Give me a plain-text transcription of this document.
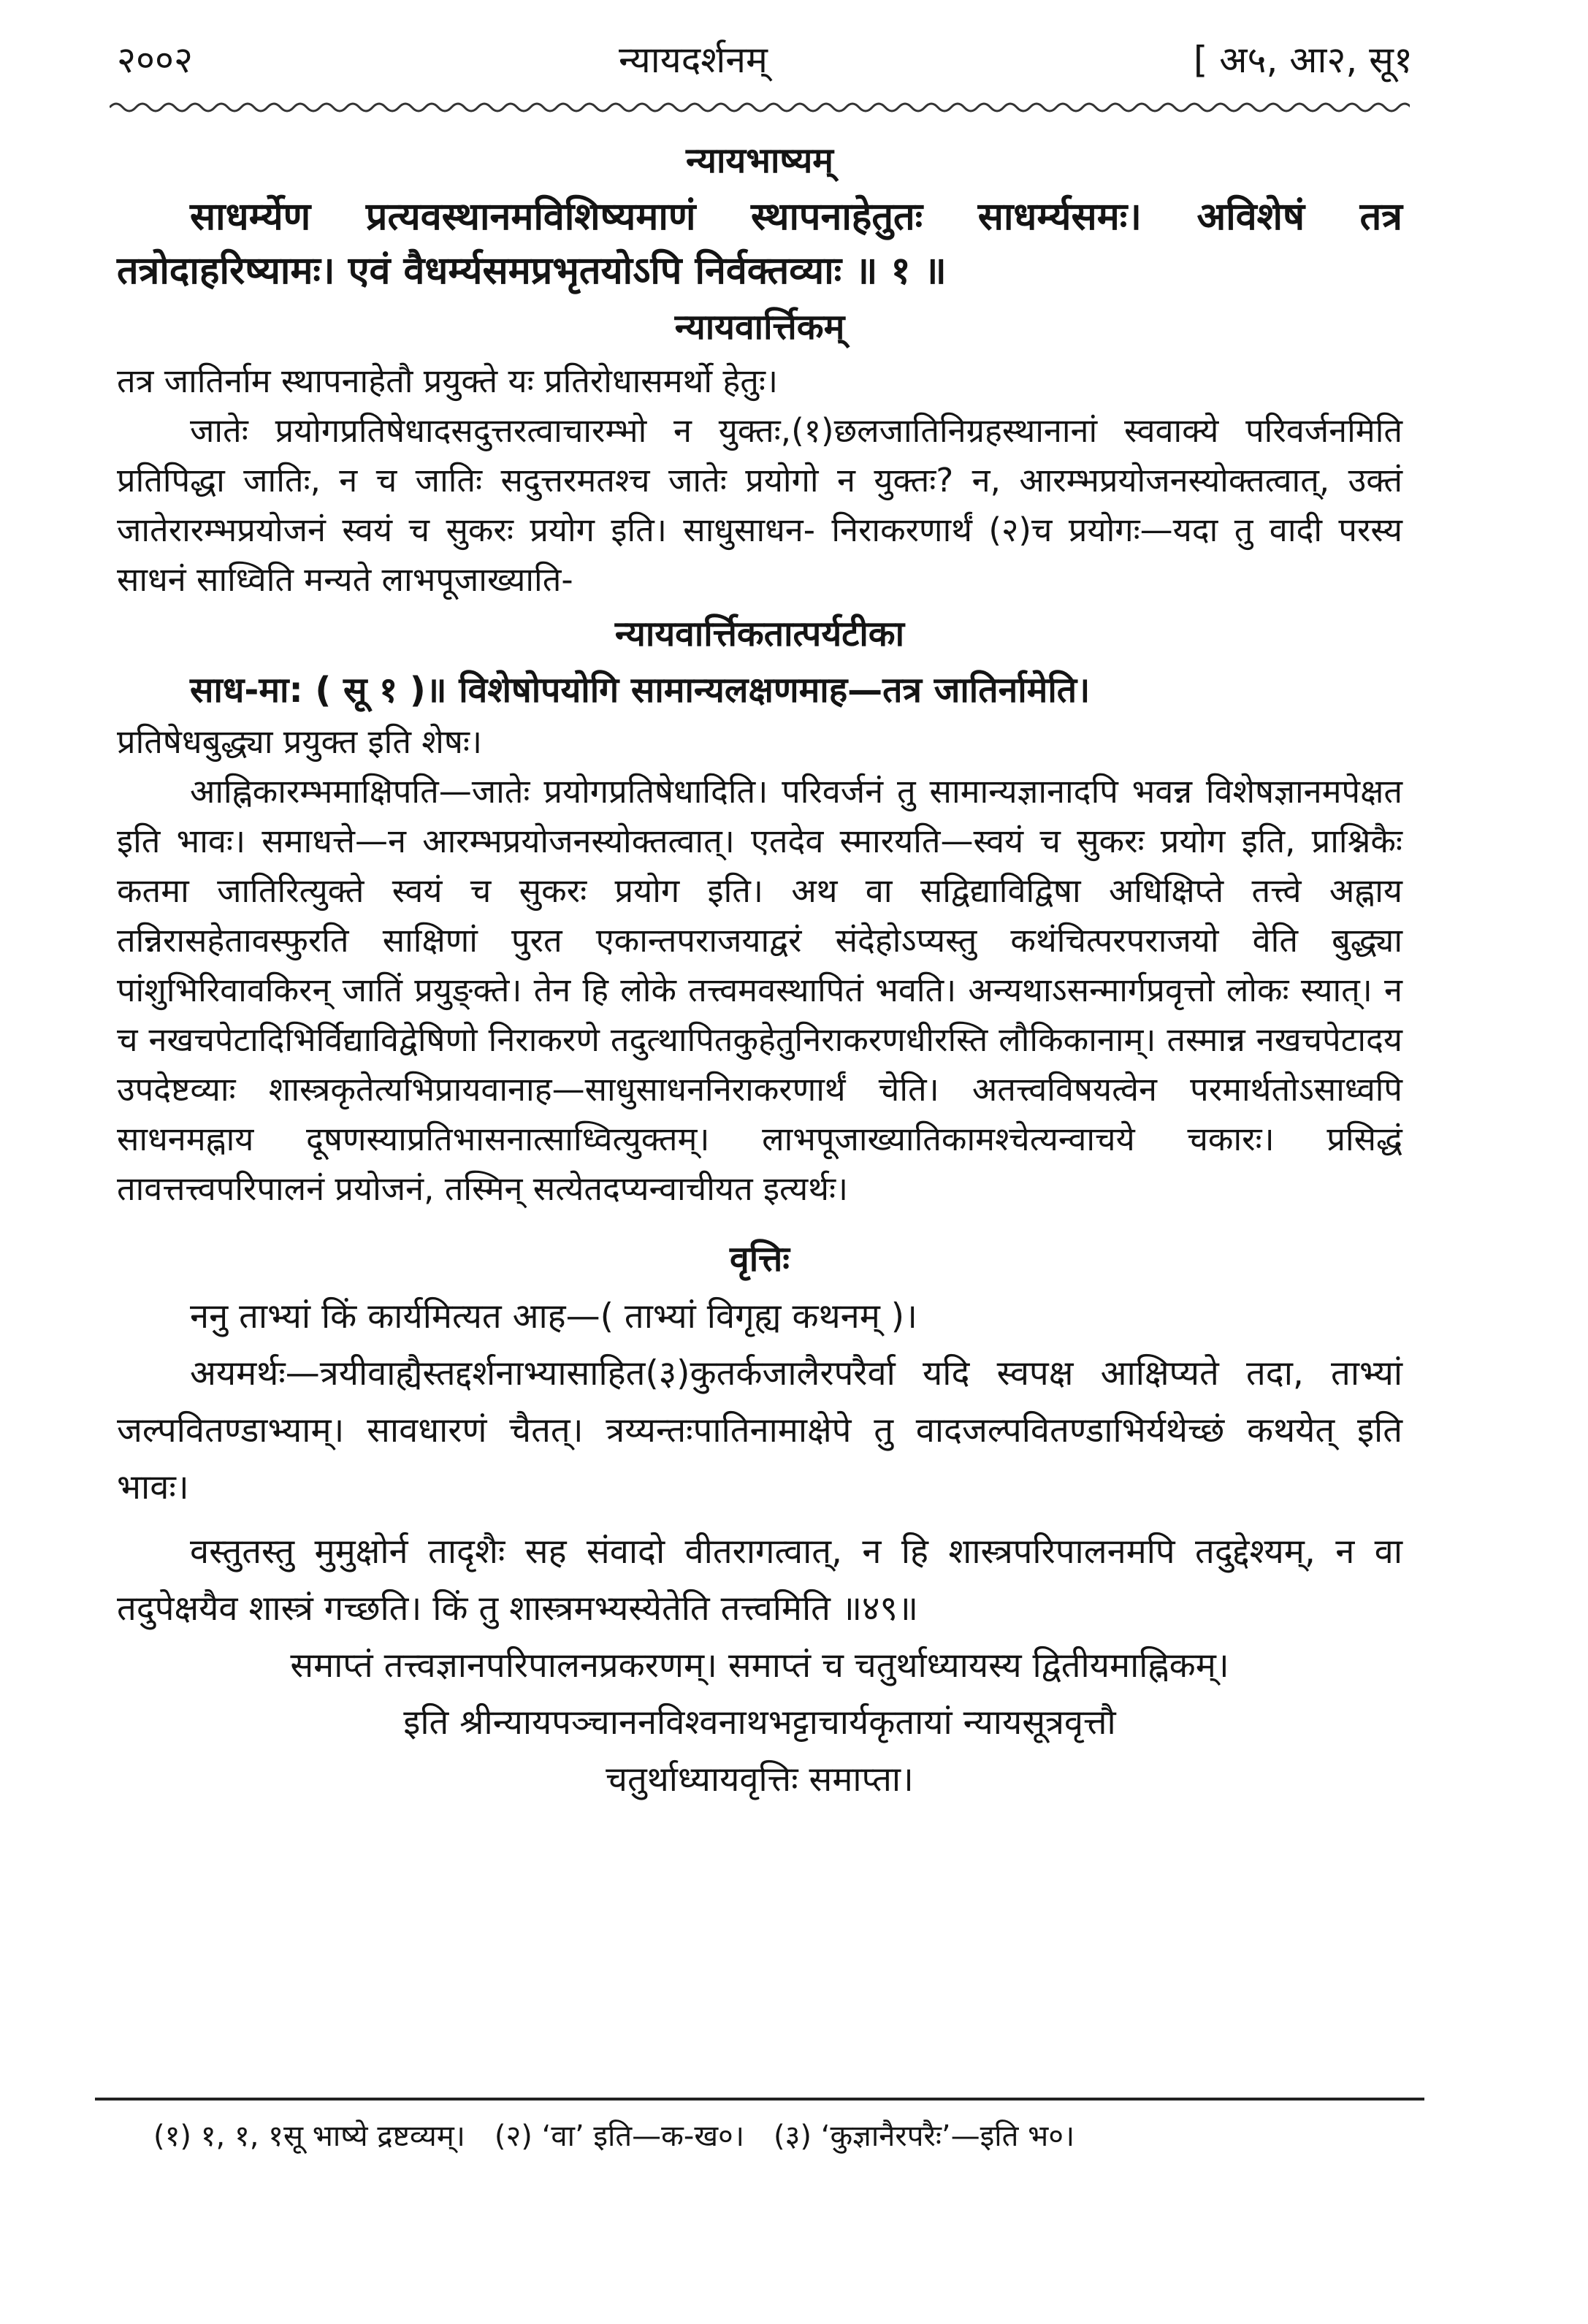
२००२	न्यायदर्शनम्	[ अ५, आ२, सू१
न्यायभाष्यम्

साधर्म्येण प्रत्यवस्थानमविशिष्यमाणं स्थापनाहेतुतः साधर्म्यसमः। अविशेषं तत्र तत्रोदाहरिष्यामः। एवं वैधर्म्यसमप्रभृतयोऽपि निर्वक्तव्याः ॥ १ ॥

न्यायवार्त्तिकम्

तत्र जातिर्नाम स्थापनाहेतौ प्रयुक्ते यः प्रतिरोधासमर्थो हेतुः।

जातेः प्रयोगप्रतिषेधादसदुत्तरत्वाचारम्भो न युक्तः,(१)छलजातिनिग्रहस्थानानां स्ववाक्ये परिवर्जनमिति प्रतिपिद्धा जातिः, न च जातिः सदुत्तरमतश्च जातेः प्रयोगो न युक्तः? न, आरम्भप्रयोजनस्योक्तत्वात्, उक्तं जातेरारम्भप्रयोजनं स्वयं च सुकरः प्रयोग इति। साधुसाधन- निराकरणार्थं (२)च प्रयोगः—यदा तु वादी परस्य साधनं साध्विति मन्यते लाभपूजाख्याति-

न्यायवार्त्तिकतात्पर्यटीका

साध-मा: ( सू १ )॥ विशेषोपयोगि सामान्यलक्षणमाह—तत्र जातिर्नामेति।

प्रतिषेधबुद्ध्या प्रयुक्त इति शेषः।

आह्निकारम्भमाक्षिपति—जातेः प्रयोगप्रतिषेधादिति। परिवर्जनं तु सामान्यज्ञानादपि भवन्न विशेषज्ञानमपेक्षत इति भावः। समाधत्ते—न आरम्भप्रयोजनस्योक्तत्वात्। एतदेव स्मारयति—स्वयं च सुकरः प्रयोग इति, प्राश्निकैः कतमा जातिरित्युक्ते स्वयं च सुकरः प्रयोग इति। अथ वा सद्विद्याविद्विषा अधिक्षिप्ते तत्त्वे अह्नाय तन्निरासहेतावस्फुरति साक्षिणां पुरत एकान्तपराजयाद्वरं संदेहोऽप्यस्तु कथंचित्परपराजयो वेति बुद्ध्या पांशुभिरिवावकिरन् जातिं प्रयुङ्क्ते। तेन हि लोके तत्त्वमवस्थापितं भवति। अन्यथाऽसन्मार्गप्रवृत्तो लोकः स्यात्। न च नखचपेटादिभिर्विद्याविद्वेषिणो निराकरणे तदुत्थापितकुहेतुनिराकरणधीरस्ति लौकिकानाम्। तस्मान्न नखचपेटादय उपदेष्टव्याः शास्त्रकृतेत्यभिप्रायवानाह—साधुसाधननिराकरणार्थं चेति। अतत्त्वविषयत्वेन परमार्थतोऽसाध्वपि साधनमह्नाय दूषणस्याप्रतिभासनात्साध्वित्युक्तम्। लाभपूजाख्यातिकामश्चेत्यन्वाचये चकारः। प्रसिद्धं तावत्तत्त्वपरिपालनं प्रयोजनं, तस्मिन् सत्येतदप्यन्वाचीयत इत्यर्थः।

वृत्तिः

ननु ताभ्यां किं कार्यमित्यत आह—( ताभ्यां विगृह्य कथनम् )।

अयमर्थः—त्रयीवाह्यैस्तद्दर्शनाभ्यासाहित(३)कुतर्कजालैरपरैर्वा यदि स्वपक्ष आक्षिप्यते तदा, ताभ्यां जल्पवितण्डाभ्याम्। सावधारणं चैतत्। त्रय्यन्तःपातिनामाक्षेपे तु वादजल्पवितण्डाभिर्यथेच्छं कथयेत् इति भावः।

वस्तुतस्तु मुमुक्षोर्न तादृशैः सह संवादो वीतरागत्वात्, न हि शास्त्रपरिपालनमपि तदुद्देश्यम्, न वा तदुपेक्षयैव शास्त्रं गच्छति। किं तु शास्त्रमभ्यस्येतेति तत्त्वमिति ॥४९॥

समाप्तं तत्त्वज्ञानपरिपालनप्रकरणम्। समाप्तं च चतुर्थाध्यायस्य द्वितीयमाह्निकम्।

इति श्रीन्यायपञ्चाननविश्वनाथभट्टाचार्यकृतायां न्यायसूत्रवृत्तौ

चतुर्थाध्यायवृत्तिः समाप्ता।

(१) १, १, १सू भाष्ये द्रष्टव्यम्। (२) ‘वा’ इति—क-ख०। (३) ‘कुज्ञानैरपरैः’—इति भ०।
